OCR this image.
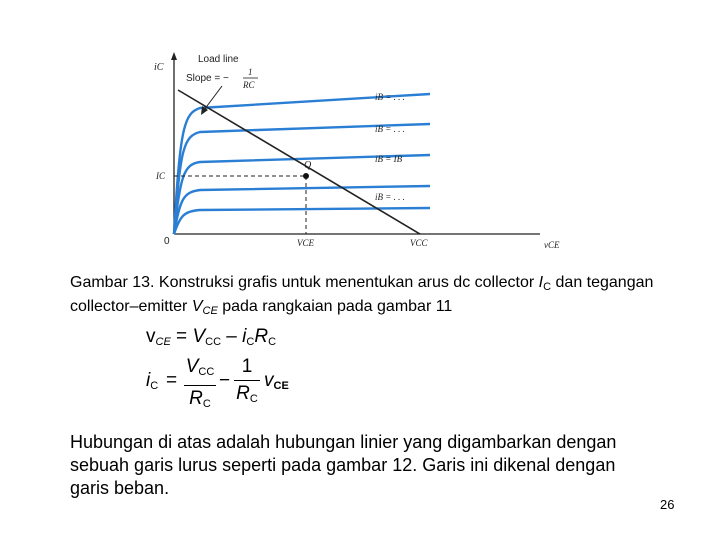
iC
vCE
0
iB = . . .
iB = . . .
iB = IB
iB = . . .
Q
IC
VCE	VCC
Load line
Slope = −
1
RC
Gambar 13. Konstruksi grafis untuk menentukan arus dc collector $I_C$ dan tegangan collector–emitter $V_{CE}$ pada rangkaian pada gambar 11
$v_{CE} = V_{CC} - i_CR_C$
$i_C$ =
$V_{CC}$
$R_C$
−
1
$R_C$
$v_{CE}$
Hubungan di atas adalah hubungan linier yang digambarkan dengan sebuah garis lurus seperti pada gambar 12. Garis ini dikenal dengan garis beban.
26
